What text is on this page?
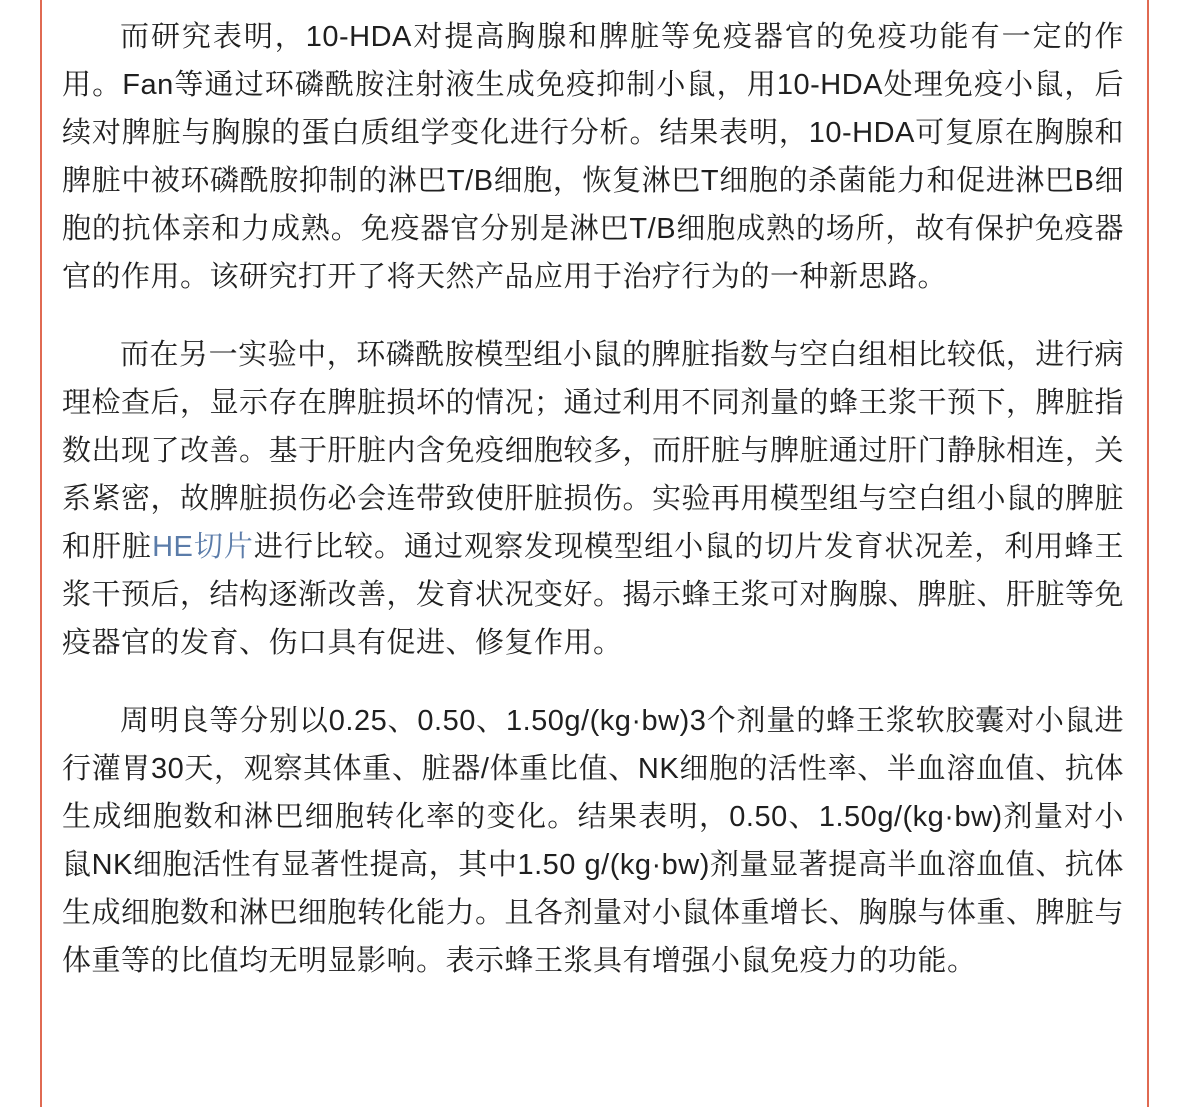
而研究表明，10-HDA对提高胸腺和脾脏等免疫器官的免疫功能有一定的作用。Fan等通过环磷酰胺注射液生成免疫抑制小鼠，用10-HDA处理免疫小鼠，后续对脾脏与胸腺的蛋白质组学变化进行分析。结果表明，10-HDA可复原在胸腺和脾脏中被环磷酰胺抑制的淋巴T/B细胞，恢复淋巴T细胞的杀菌能力和促进淋巴B细胞的抗体亲和力成熟。免疫器官分别是淋巴T/B细胞成熟的场所，故有保护免疫器官的作用。该研究打开了将天然产品应用于治疗行为的一种新思路。

而在另一实验中，环磷酰胺模型组小鼠的脾脏指数与空白组相比较低，进行病理检查后，显示存在脾脏损坏的情况；通过利用不同剂量的蜂王浆干预下，脾脏指数出现了改善。基于肝脏内含免疫细胞较多，而肝脏与脾脏通过肝门静脉相连，关系紧密，故脾脏损伤必会连带致使肝脏损伤。实验再用模型组与空白组小鼠的脾脏和肝脏HE切片进行比较。通过观察发现模型组小鼠的切片发育状况差，利用蜂王浆干预后，结构逐渐改善，发育状况变好。揭示蜂王浆可对胸腺、脾脏、肝脏等免疫器官的发育、伤口具有促进、修复作用。

周明良等分别以0.25、0.50、1.50g/(kg·bw)3个剂量的蜂王浆软胶囊对小鼠进行灌胃30天，观察其体重、脏器/体重比值、NK细胞的活性率、半血溶血值、抗体生成细胞数和淋巴细胞转化率的变化。结果表明，0.50、1.50g/(kg·bw)剂量对小鼠NK细胞活性有显著性提高，其中1.50 g/(kg·bw)剂量显著提高半血溶血值、抗体生成细胞数和淋巴细胞转化能力。且各剂量对小鼠体重增长、胸腺与体重、脾脏与体重等的比值均无明显影响。表示蜂王浆具有增强小鼠免疫力的功能。
